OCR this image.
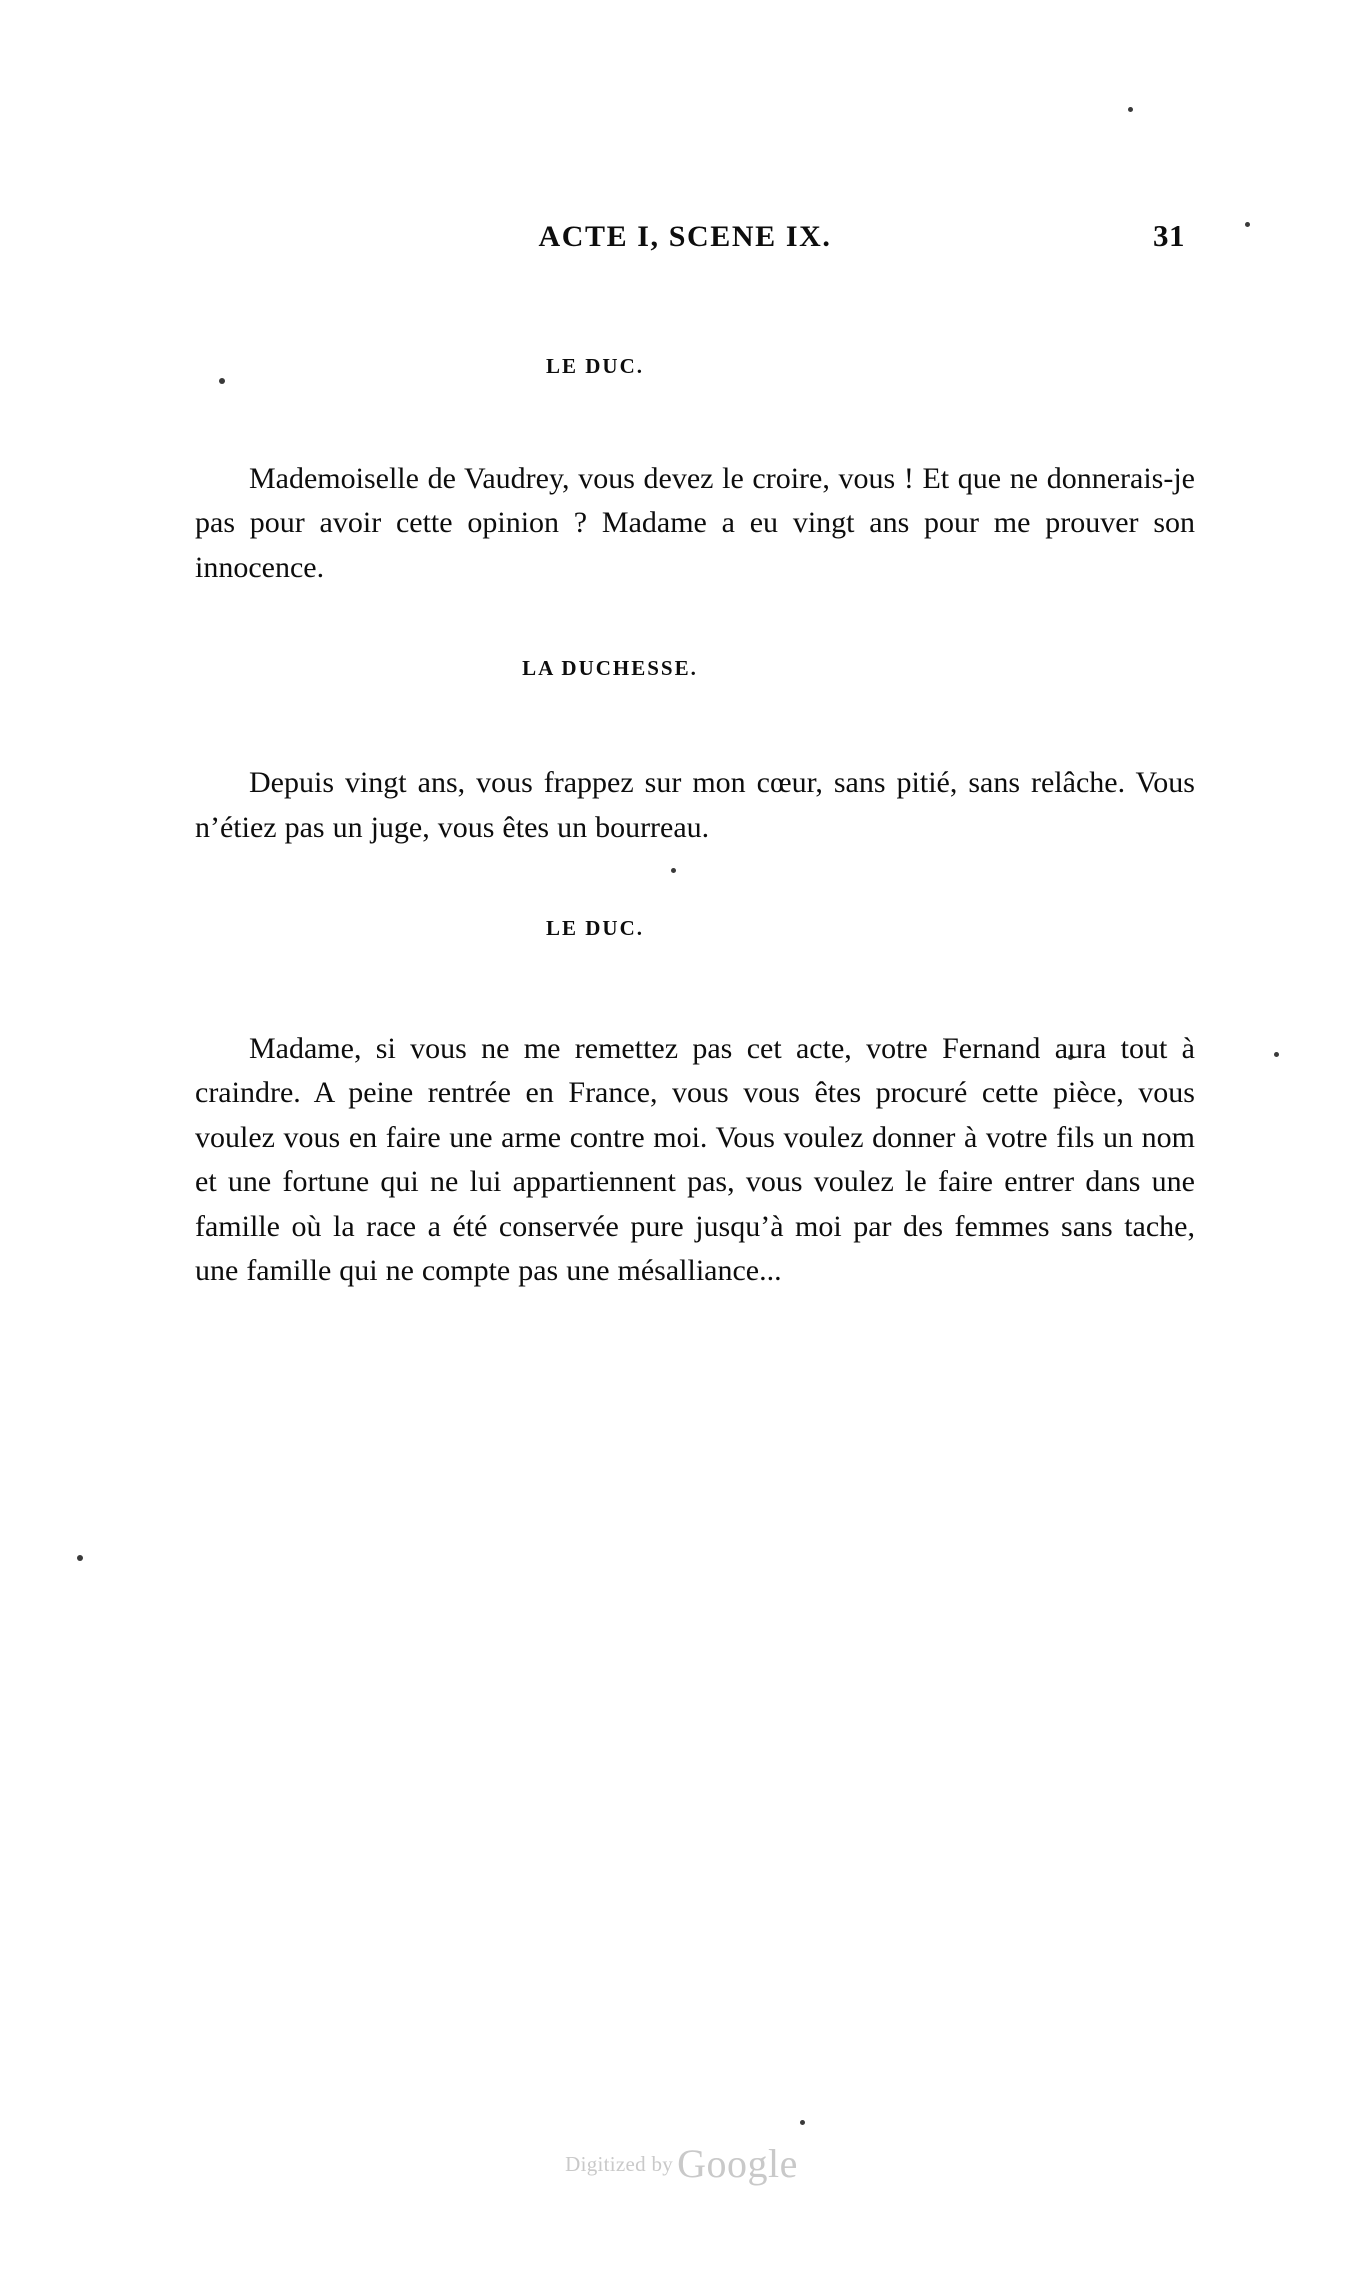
ACTE I, SCENE IX.	31
LE DUC.

Mademoiselle de Vaudrey, vous devez le croire, vous ! Et que ne donnerais-je pas pour avoir cette opinion ? Madame a eu vingt ans pour me prouver son innocence.

LA DUCHESSE.

Depuis vingt ans, vous frappez sur mon cœur, sans pitié, sans relâche. Vous n’étiez pas un juge, vous êtes un bourreau.

LE DUC.

Madame, si vous ne me remettez pas cet acte, votre Fernand aura tout à craindre. A peine rentrée en France, vous vous êtes procuré cette pièce, vous voulez vous en faire une arme contre moi. Vous voulez donner à votre fils un nom et une fortune qui ne lui appartiennent pas, vous voulez le faire entrer dans une famille où la race a été conservée pure jusqu’à moi par des femmes sans tache, une famille qui ne compte pas une mésalliance...

Digitized by Google
